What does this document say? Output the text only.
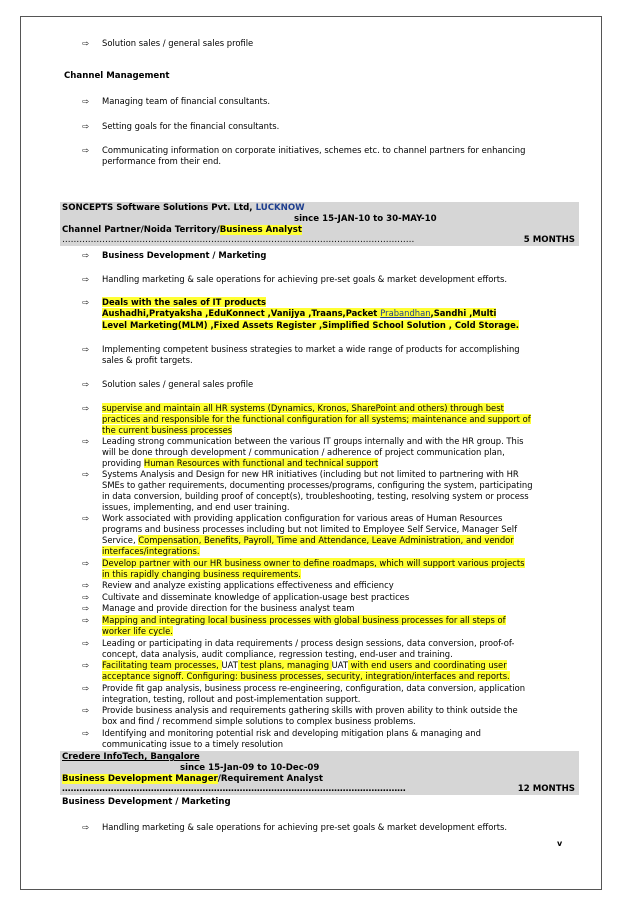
⇨ Solution sales / general sales profile
Channel Management
⇨ Managing team of financial consultants.
⇨ Setting goals for the financial consultants.
⇨ Communicating information on corporate initiatives, schemes etc. to channel partners for enhancing
performance from their end.
SONCEPTS Software Solutions Pvt. Ltd, LUCKNOW
since 15-JAN-10 to 30-MAY-10
Channel Partner/Noida Territory/Business Analyst
……………………………………………………………………………………………………………	5 MONTHS
⇨ Business Development / Marketing
⇨ Handling marketing & sale operations for achieving pre-set goals & market development efforts.
⇨ Deals with the sales of IT products
Aushadhi,Pratyaksha ,EduKonnect ,Vanijya ,Traans,Packet Prabandhan,Sandhi ,Multi
Level Marketing(MLM) ,Fixed Assets Register ,Simplified School Solution , Cold Storage.
⇨ Implementing competent business strategies to market a wide range of products for accomplishing
sales & profit targets.
⇨ Solution sales / general sales profile
⇨ supervise and maintain all HR systems (Dynamics, Kronos, SharePoint and others) through best
practices and responsible for the functional configuration for all systems; maintenance and support of
the current business processes
⇨ Leading strong communication between the various IT groups internally and with the HR group. This
will be done through development / communication / adherence of project communication plan,
providing Human Resources with functional and technical support
⇨ Systems Analysis and Design for new HR initiatives (including but not limited to partnering with HR
SMEs to gather requirements, documenting processes/programs, configuring the system, participating
in data conversion, building proof of concept(s), troubleshooting, testing, resolving system or process
issues, implementing, and end user training.
⇨ Work associated with providing application configuration for various areas of Human Resources
programs and business processes including but not limited to Employee Self Service, Manager Self
Service, Compensation, Benefits, Payroll, Time and Attendance, Leave Administration, and vendor
interfaces/integrations.
⇨ Develop partner with our HR business owner to define roadmaps, which will support various projects
in this rapidly changing business requirements.
⇨ Review and analyze existing applications effectiveness and efficiency
⇨ Cultivate and disseminate knowledge of application-usage best practices
⇨ Manage and provide direction for the business analyst team
⇨ Mapping and integrating local business processes with global business processes for all steps of
worker life cycle.
⇨ Leading or participating in data requirements / process design sessions, data conversion, proof-of-
concept, data analysis, audit compliance, regression testing, end-user and training.
⇨ Facilitating team processes, UAT test plans, managing UAT with end users and coordinating user
acceptance signoff. Configuring: business processes, security, integration/interfaces and reports.
⇨ Provide fit gap analysis, business process re-engineering, configuration, data conversion, application
integration, testing, rollout and post-implementation support.
⇨ Provide business analysis and requirements gathering skills with proven ability to think outside the
box and find / recommend simple solutions to complex business problems.
⇨ Identifying and monitoring potential risk and developing mitigation plans & managing and
communicating issue to a timely resolution
Credere InfoTech, Bangalore
since 15-Jan-09 to 10-Dec-09
Business Development Manager/Requirement Analyst
…………………………………………………………………………………………………………	12 MONTHS
Business Development / Marketing
⇨ Handling marketing & sale operations for achieving pre-set goals & market development efforts.
v
